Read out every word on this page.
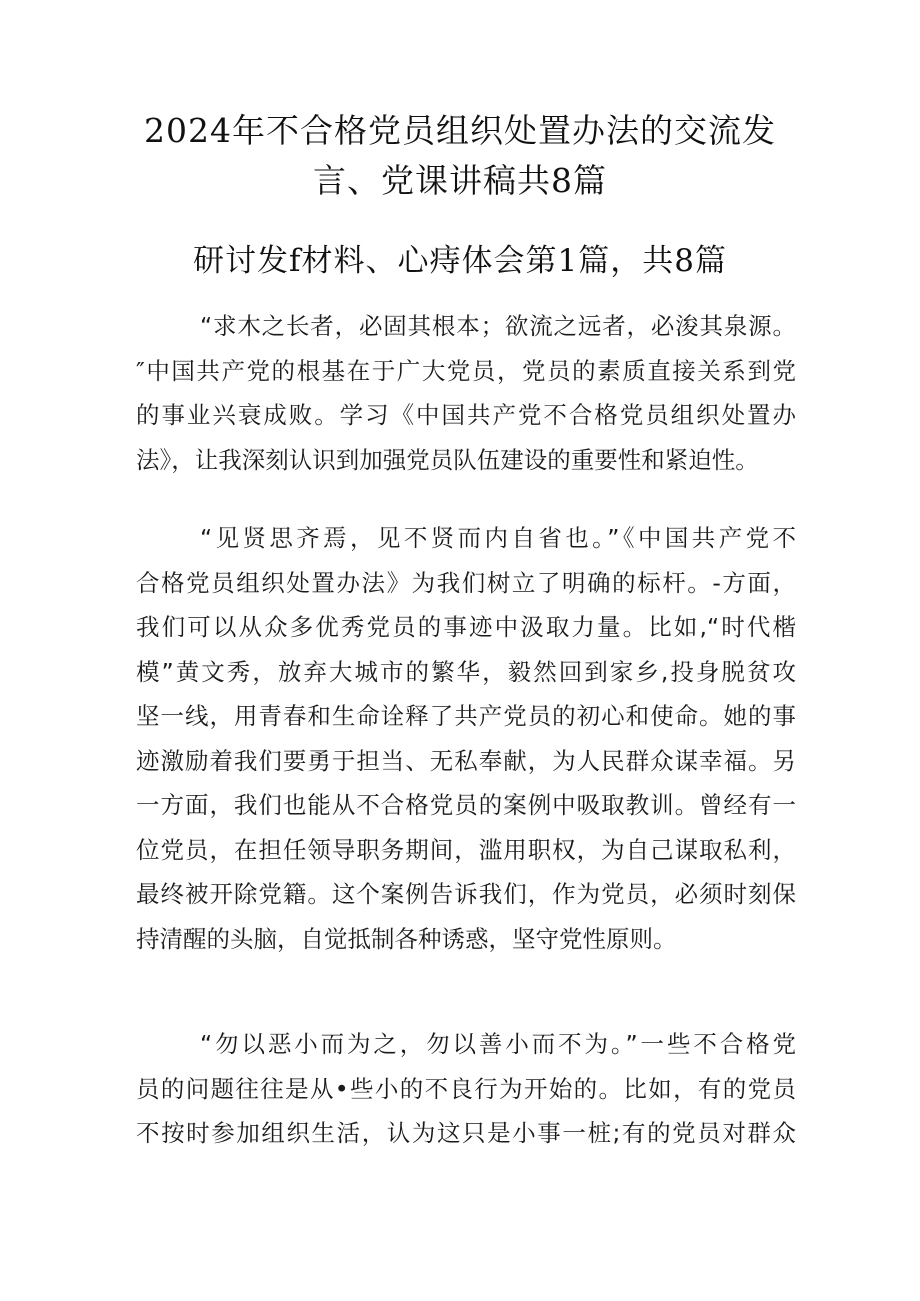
2024年不合格党员组织处置办法的交流发
言、党课讲稿共8篇
研讨发f材料、心痔体会第1篇，共8篇
“求木之长者，必固其根本；欲流之远者，必浚其泉源。
″中国共产党的根基在于广大党员，党员的素质直接关系到党
的事业兴衰成败。学习《中国共产党不合格党员组织处置办
法》，让我深刻认识到加强党员队伍建设的重要性和紧迫性。
“见贤思齐焉，见不贤而内自省也。”《中国共产党不
合格党员组织处置办法》为我们树立了明确的标杆。-方面，
我们可以从众多优秀党员的事迹中汲取力量。比如,“时代楷
模”黄文秀，放弃大城市的繁华，毅然回到家乡,投身脱贫攻
坚一线，用青春和生命诠释了共产党员的初心和使命。她的事
迹激励着我们要勇于担当、无私奉献，为人民群众谋幸福。另
一方面，我们也能从不合格党员的案例中吸取教训。曾经有一
位党员，在担任领导职务期间，滥用职权，为自己谋取私利，
最终被开除党籍。这个案例告诉我们，作为党员，必须时刻保
持清醒的头脑，自觉抵制各种诱惑，坚守党性原则。
“勿以恶小而为之，勿以善小而不为。”一些不合格党
员的问题往往是从•些小的不良行为开始的。比如，有的党员
不按时参加组织生活，认为这只是小事一桩;有的党员对群众
